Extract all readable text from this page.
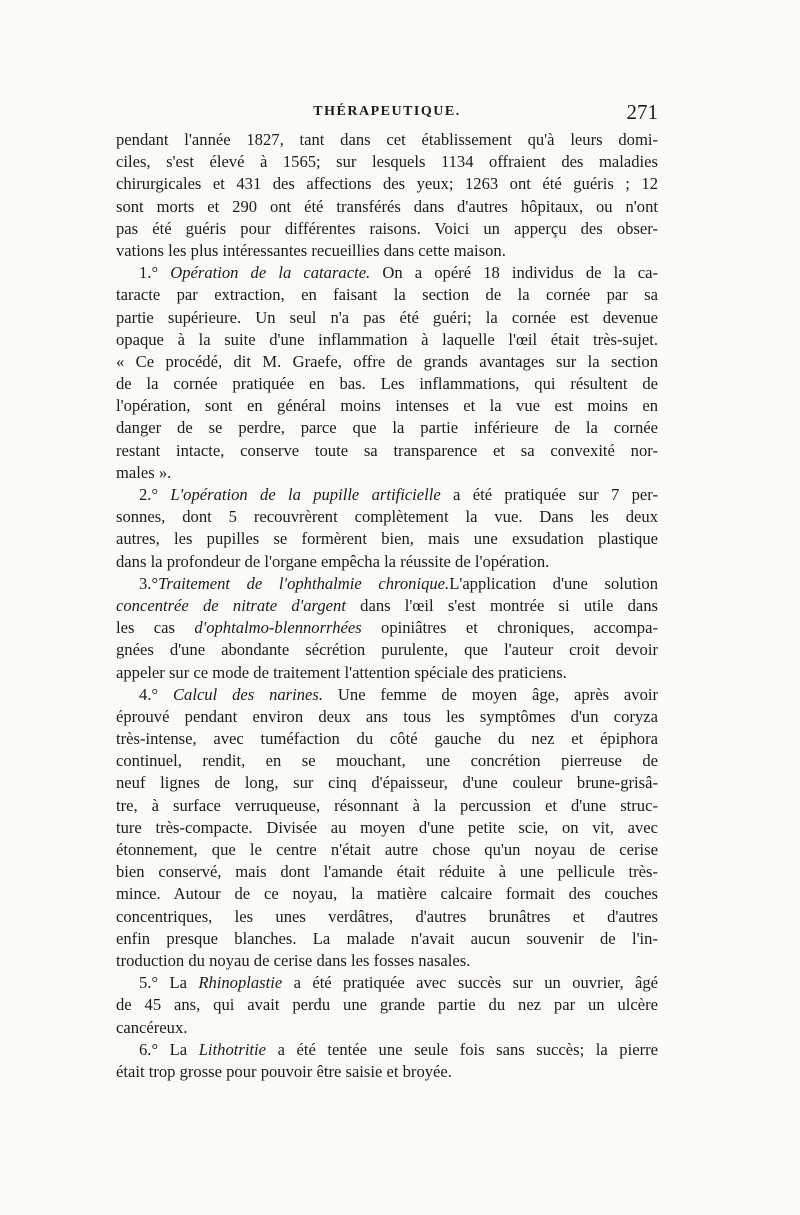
THÉRAPEUTIQUE.	271
pendant l'année 1827, tant dans cet établissement qu'à leurs domi-
ciles, s'est élevé à 1565; sur lesquels 1134 offraient des maladies
chirurgicales et 431 des affections des yeux; 1263 ont été guéris ; 12
sont morts et 290 ont été transférés dans d'autres hôpitaux, ou n'ont
pas été guéris pour différentes raisons. Voici un apperçu des obser-
vations les plus intéressantes recueillies dans cette maison.
1.° Opération de la cataracte. On a opéré 18 individus de la ca-
taracte par extraction, en faisant la section de la cornée par sa
partie supérieure. Un seul n'a pas été guéri; la cornée est devenue
opaque à la suite d'une inflammation à laquelle l'œil était très-sujet.
« Ce procédé, dit M. Graefe, offre de grands avantages sur la section
de la cornée pratiquée en bas. Les inflammations, qui résultent de
l'opération, sont en général moins intenses et la vue est moins en
danger de se perdre, parce que la partie inférieure de la cornée
restant intacte, conserve toute sa transparence et sa convexité nor-
males ».
2.° L'opération de la pupille artificielle a été pratiquée sur 7 per-
sonnes, dont 5 recouvrèrent complètement la vue. Dans les deux
autres, les pupilles se formèrent bien, mais une exsudation plastique
dans la profondeur de l'organe empêcha la réussite de l'opération.
3.°Traitement de l'ophthalmie chronique.L'application d'une solution
concentrée de nitrate d'argent dans l'œil s'est montrée si utile dans
les cas d'ophtalmo-blennorrhées opiniâtres et chroniques, accompa-
gnées d'une abondante sécrétion purulente, que l'auteur croit devoir
appeler sur ce mode de traitement l'attention spéciale des praticiens.
4.° Calcul des narines. Une femme de moyen âge, après avoir
éprouvé pendant environ deux ans tous les symptômes d'un coryza
très-intense, avec tuméfaction du côté gauche du nez et épiphora
continuel, rendit, en se mouchant, une concrétion pierreuse de
neuf lignes de long, sur cinq d'épaisseur, d'une couleur brune-grisâ-
tre, à surface verruqueuse, résonnant à la percussion et d'une struc-
ture très-compacte. Divisée au moyen d'une petite scie, on vit, avec
étonnement, que le centre n'était autre chose qu'un noyau de cerise
bien conservé, mais dont l'amande était réduite à une pellicule très-
mince. Autour de ce noyau, la matière calcaire formait des couches
concentriques, les unes verdâtres, d'autres brunâtres et d'autres
enfin presque blanches. La malade n'avait aucun souvenir de l'in-
troduction du noyau de cerise dans les fosses nasales.
5.° La Rhinoplastie a été pratiquée avec succès sur un ouvrier, âgé
de 45 ans, qui avait perdu une grande partie du nez par un ulcère
cancéreux.
6.° La Lithotritie a été tentée une seule fois sans succès; la pierre
était trop grosse pour pouvoir être saisie et broyée.
